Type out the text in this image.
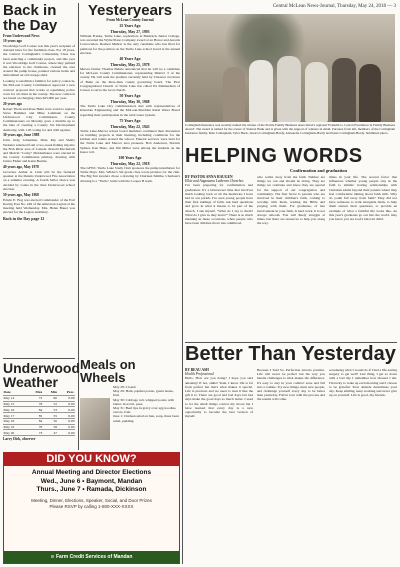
Central McLean News-Journal, Thursday, May 24, 2018 — 3
Back in the Day
From Underwood News
10 years ago
Woodridge Golf Course was this year's recipient of donated labor for the freshman class. For 18 years, the Central Cottingham's Citizenship Class has been selecting a community project, and this year it was Woodridge Golf Course, where they painted the entrance to the clubhouse, cleaned the area around the pump house, painted various items and demolished an old storage shed.
Looking to establish a familiar for policy contracts, the McLean County Commission approved a new contract proposal that works at equalizing police costs for all cities in the county. The new contracts are based on charging cities $25,000 per year.
20 years ago
Robert Thom and Rose Hehn were voted to replace Steve Hammer and Mike Lohmann on the Underwood City Commission. County Commissioners on Monday gave a thumbs up to the idea of creating a County Job Development Authority, with 1.05 voting for and 4.96 against.
30 years ago, June 1988
John, Judy, Johnathan, Dick, Kip and Shelly Weissler returned from a two-week fishing trip into the Fish River area of Canada. Ronald Kirchelach and Melvin "Corky" Moldenhauer were elected in the County Commission primary, drawing with Janice Fisher and Kenn Beattie.
40 years ago, May 1978
Governor Arthur A. Link will be the featured speaker at the Dennis Underwood Fire Association on a summer evening. A fourth ballot choice was decided by voters in the June Underwood school election.
50 years ago, May 1968
Edwin E. Bog was elected Commander of the Earl Kornig Post No. 249 of the American Legion at the meeting held Wednesday. Mrs. Helen Bauer was elected for the Legion Auxiliary.
Back in the Day page 12
Yesteryears
From McLean County Journal
25 Years Ago
Thursday, May 27, 1993
William Franks, Turtle Lake, sophomore at Bismarck Junior College, was awarded the Wylie Piano Company award at an Honor and Awards Convocation. Reuben Mehrer is the only candidate who has filed for petitions for the position on the Turtle Lake school board at the annual election.
40 Years Ago
Thursday, May 25, 1978
Mercer farmer Thomas Behrle announced that he will be a candidate for McLean County Commissioner, representing District 3 of the county. He will seek the position currently held by Clarence Jacobson of Butte on the three-man county governing board. The First Congregational Church of Turtle Lake has called Ed Zimmerman of Carson to serve the local church.
50 Years Ago
Thursday, May 30, 1968
The Turtle Lake City commissioners met with representatives of Interstate Engineering and the McLean-Sheridan Rural Water Board regarding their participation in the rural water system.
75 Years Ago
Thursday, May 22, 1943
Turtle Lake-Mercer school board members continued their discussion on building projects at their meeting, including conditions for the kitchen and toilets around the school. Funeral services were held for the Turtle Lake and Mercer area pioneers. Bob Anderson, Darwin Spitzer, Ken Huse, and Jim Miller were among the students on the honor roll.
100 Years Ago
Thursday, May 22, 1918
The GFWC Turtle Lake Study Club sponsors the pump installation for Turtle Days. Mrs. Wilder's 5th grade class wrote pictures for the club. The Big Ten Graders chose a drawing by Charleen Smithe. Charleen's drawing is a "Turtle" turtle with the Cooper B team.
Cottingham Insurance was recently named the winner of the Prairie Family Business Association's regional 'Franklin G. Larson Excellence in Family Business Award'. The award is named for the owner of Stanton Bank and is given with the support of winners in small, Pursued, from left, members of the Cottingham Insurance family, Dale Cottingham, Tyler Huck, Jessica Cottingham-Hardy, Alexandra Cottingham-Hardy and Katie Cottingham-Hardy. Submitted photo.
HELPING WORDS
Confirmation and graduation
BY PASTOR ANNA HAUGEN
Elkie and Augustana Lutheran Churches
I've been preparing for confirmation and graduation. It's a bittersweet time that involves much looking back at all the memories I have had in our parish. I've seen young people have their first inklings of faith, ask hard questions and grow in what it means to be part of the church. I ask myself, "What do I say to them? What do I give as they leave?" There is so much meaning in these occasions, when people who have been children move into adulthood.
who walks away from the faith. Neither are things we can and should be doing. They are things we celebrate and know they are special for the support of our congregation and community. The first factor is parents who are involved in their children's faith, coming to worship with them, reading the Bible and praying with them. For graduates, of late involvement in your faith, is hard work. It is not always smooth. You will likely struggle at times, but there are resources to help you along the way.
times in your life. The second factor that influences whether young people stay in the faith is similar: having relationships with Christian adults beyond their parents where they feel comfortable talking about faith with. Why do youth fall away from faith? They did not have someone to walk alongside them, to help them answer their questions, to provide an example of what a faithful life looks like. As this year's graduates go out into the world, may you know you are God's beloved child.
Better Than Yesterday
BY BEAU ASH
Health Professional
Hello. How are you doing? I hope you said amazing! If not, smile! Yeah, I know life is far from perfect but that's what makes it special. Life is precious and we need to treat it like the gift it is. There are good and bad days but bad days make the good days so much better. I used to let the small things control my mood but I have learned that every day is a new opportunity to become the best version of myself.
Because I Said So. Perfection attracts positive. Life will never be perfect but the way you handle challenges is what makes the difference. It's easy to stay in your comfort zone and fall into a routine. Try new things, meet new people, and challenge yourself every day to be better than yesterday. Fall in love with the process and the results will come.
wondering what I would do if I had a life-saving surgery to get well? Last thing, I get so down with a bad day I remember how blessed I am. I'm lucky to wake up each morning and I choose to be grateful. Your attitude determines your day. Keep smiling, keep working and never give up on yourself. Life is good, my friends.
Underwood Weather
Date	Max	Min	Prec.
May 14	72	60	0.00
May 15	78	52	0.00
May 16	84	53	0.00
May 17	85	55	0.00
May 18	84	50	0.00
May 19	78	58	0.00
May 20	73	47	0.00
Larry Dick, observer
Meals on Wheels
May 28: Closed.
May 29: Ham, paprika potato, green beans, fruit.
May 30: Cabbage roll, whipped potato with butter, broccoli, peas.
May 31: Beef tips in gravy over egg noodles, carrots, fruit.
June 1: Chicken salad on bun, soup, three bean salad, pudding.
DID YOU KNOW?
Annual Meeting and Director Elections
Wed., June 6 • Baymont, Mandan
Thurs., June 7 • Ramada, Dickinson
Meeting, Dinner, Elections, Speaker, Social, and Door Prizes
Please RSVP by calling 1-800-XXX-XXXX
Farm Credit Services of Mandan
